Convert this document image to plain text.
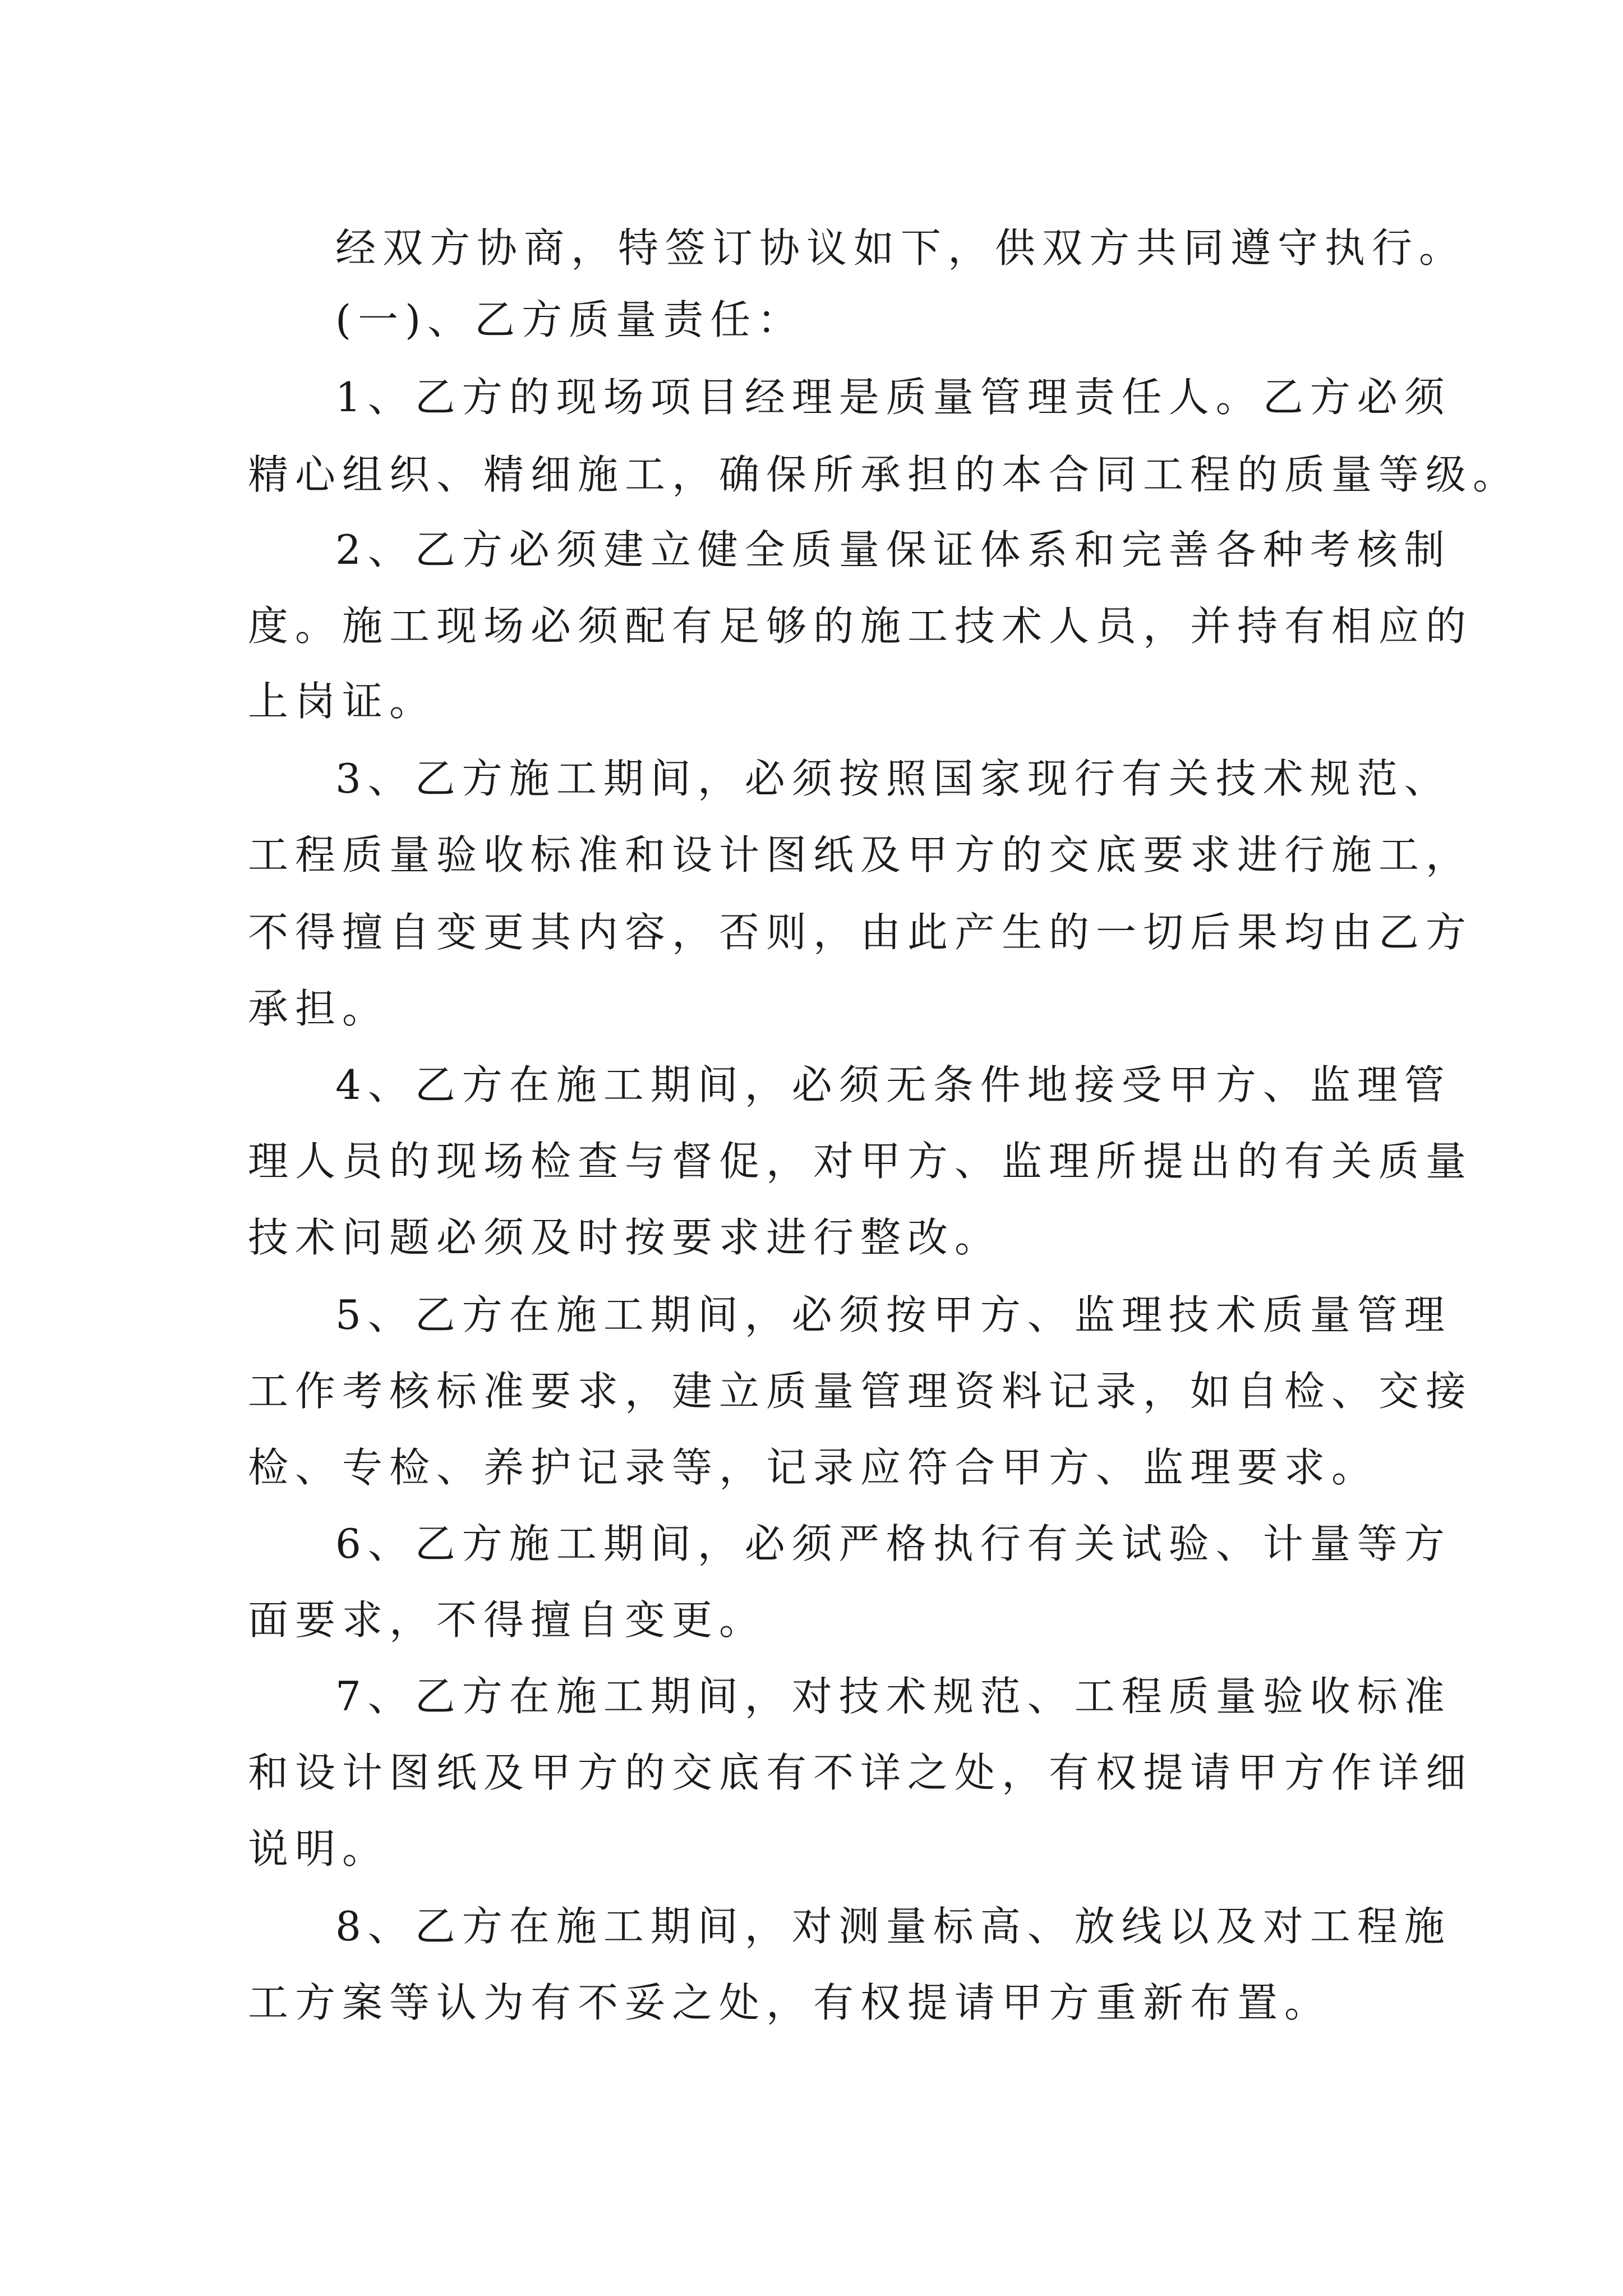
经双方协商，特签订协议如下，供双方共同遵守执行。

(一)、乙方质量责任：

1、乙方的现场项目经理是质量管理责任人。乙方必须

精心组织、精细施工，确保所承担的本合同工程的质量等级。

2、乙方必须建立健全质量保证体系和完善各种考核制

度。施工现场必须配有足够的施工技术人员，并持有相应的

上岗证。

3、乙方施工期间，必须按照国家现行有关技术规范、

工程质量验收标准和设计图纸及甲方的交底要求进行施工，

不得擅自变更其内容，否则，由此产生的一切后果均由乙方

承担。

4、乙方在施工期间，必须无条件地接受甲方、监理管

理人员的现场检查与督促，对甲方、监理所提出的有关质量

技术问题必须及时按要求进行整改。

5、乙方在施工期间，必须按甲方、监理技术质量管理

工作考核标准要求，建立质量管理资料记录，如自检、交接

检、专检、养护记录等，记录应符合甲方、监理要求。

6、乙方施工期间，必须严格执行有关试验、计量等方

面要求，不得擅自变更。

7、乙方在施工期间，对技术规范、工程质量验收标准

和设计图纸及甲方的交底有不详之处，有权提请甲方作详细

说明。

8、乙方在施工期间，对测量标高、放线以及对工程施

工方案等认为有不妥之处，有权提请甲方重新布置。
